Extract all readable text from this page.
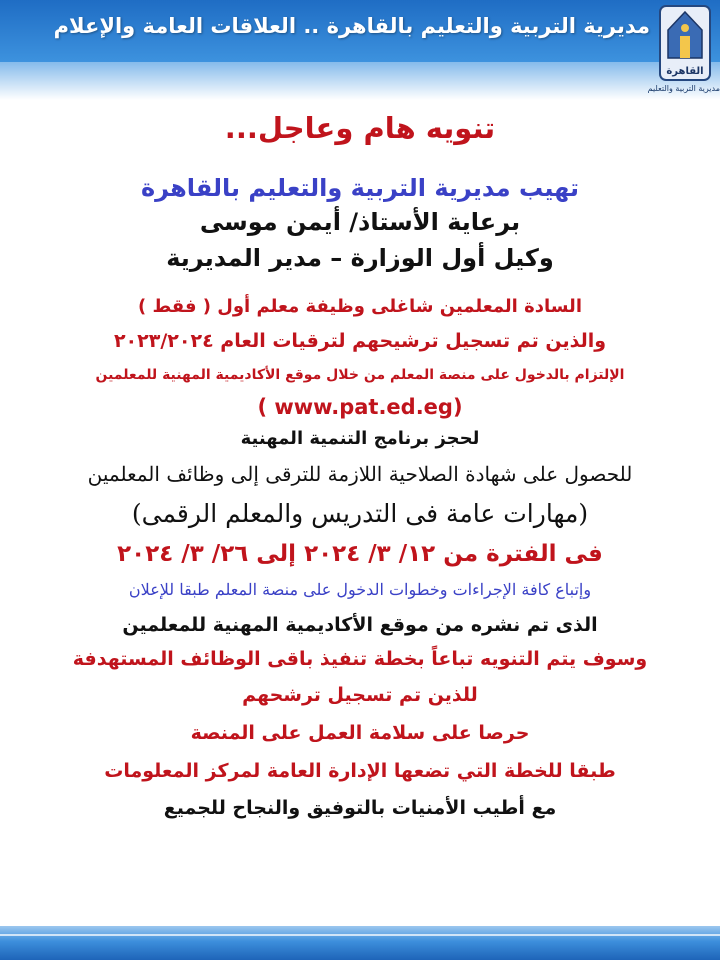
مديرية التربية والتعليم بالقاهرة .. العلاقات العامة والإعلام
القاهرة
مديرية التربية والتعليم

تنويه هام وعاجل...

تهيب مديرية التربية والتعليم بالقاهرة

برعاية الأستاذ/ أيمن موسى

وكيل أول الوزارة – مدير المديرية

السادة المعلمين شاغلى وظيفة معلم أول ( فقط )

والذين تم تسجيل ترشيحهم لترقيات العام ٢٠٢٣/٢٠٢٤

الإلتزام بالدخول على منصة المعلم من خلال موقع الأكاديمية المهنية للمعلمين

( www.pat.ed.eg)

لحجز برنامج التنمية المهنية

للحصول على شهادة الصلاحية اللازمة للترقى إلى وظائف المعلمين

(مهارات عامة فى التدريس والمعلم الرقمى)

فى الفترة من ١٢/ ٣/ ٢٠٢٤ إلى ٢٦/ ٣/ ٢٠٢٤

وإتباع كافة الإجراءات وخطوات الدخول على منصة المعلم طبقا للإعلان

الذى تم نشره من موقع الأكاديمية المهنية للمعلمين

وسوف يتم التنويه تباعاً بخطة تنفيذ باقى الوظائف المستهدفة

للذين تم تسجيل ترشحهم

حرصا على سلامة العمل على المنصة

طبقا للخطة التي تضعها الإدارة العامة لمركز المعلومات

مع أطيب الأمنيات بالتوفيق والنجاح للجميع
